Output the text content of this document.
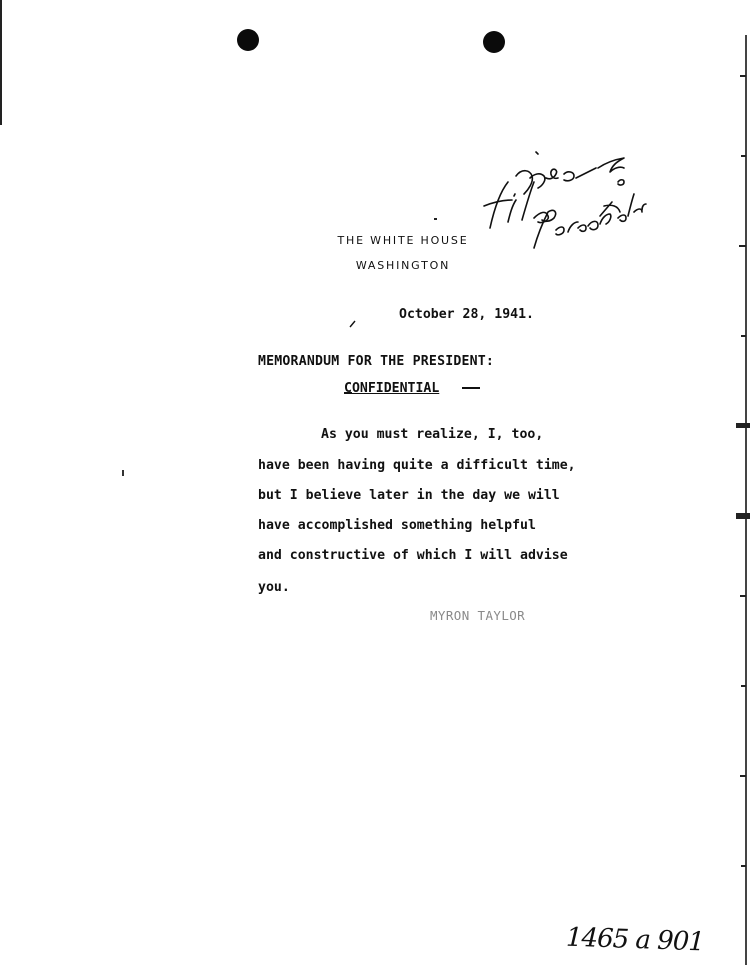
THE WHITE HOUSE
WASHINGTON
October 28, 1941.
MEMORANDUM FOR THE PRESIDENT:
CONFIDENTIAL
As you must realize, I, too,
have been having quite a difficult time,
but I believe later in the day we will
have accomplished something helpful
and constructive of which I will advise
you.
MYRON TAYLOR
1465 a 901
